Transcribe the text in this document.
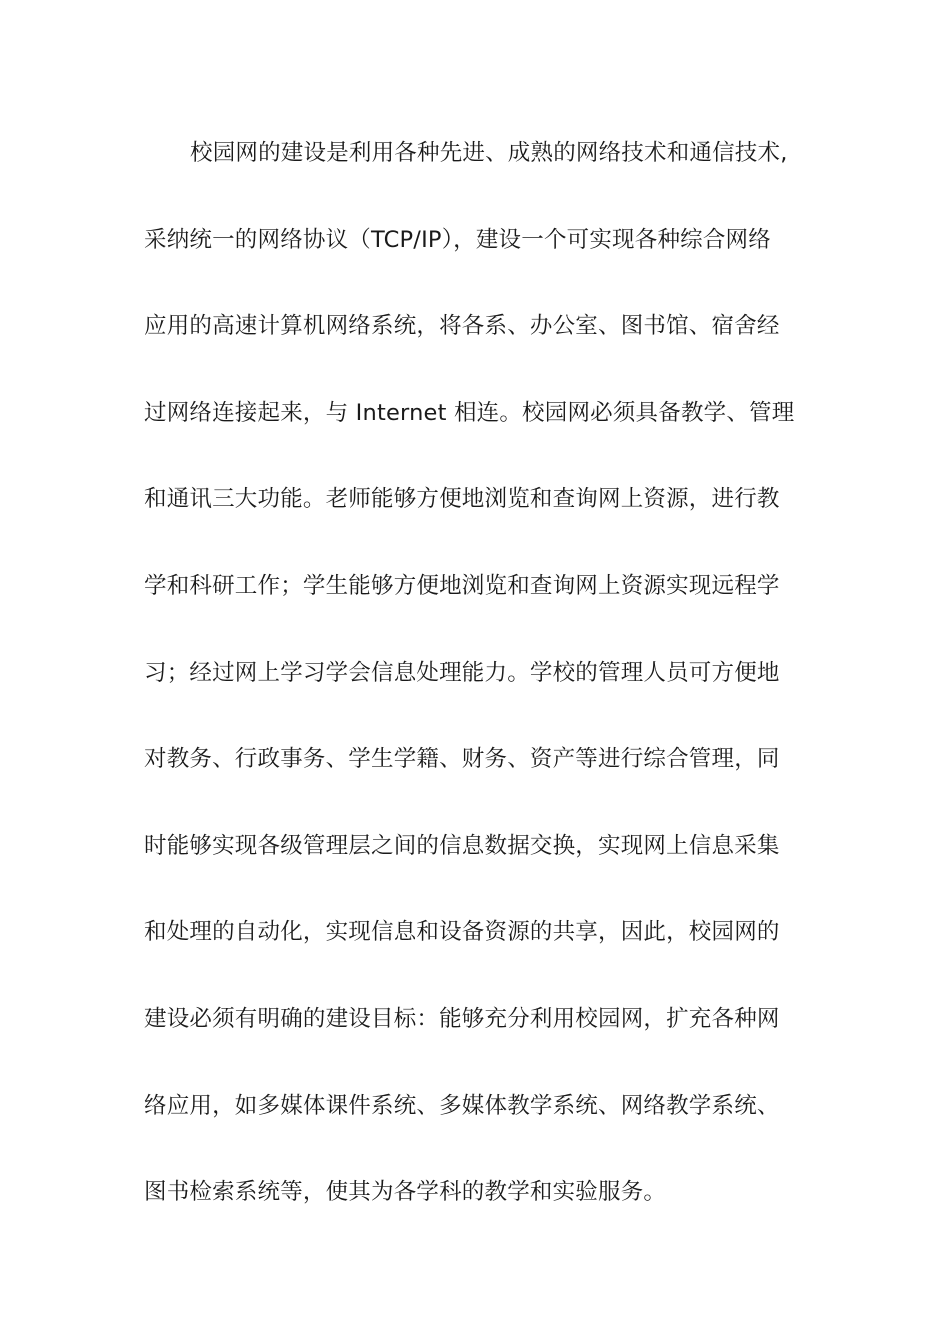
校园网的建设是利用各种先进、成熟的网络技术和通信技术,
采纳统一的网络协议（TCP/IP），建设一个可实现各种综合网络
应用的高速计算机网络系统，将各系、办公室、图书馆、宿舍经
过网络连接起来，与 Internet 相连。校园网必须具备教学、管理
和通讯三大功能。老师能够方便地浏览和查询网上资源，进行教
学和科研工作；学生能够方便地浏览和查询网上资源实现远程学
习；经过网上学习学会信息处理能力。学校的管理人员可方便地
对教务、行政事务、学生学籍、财务、资产等进行综合管理，同
时能够实现各级管理层之间的信息数据交换，实现网上信息采集
和处理的自动化，实现信息和设备资源的共享，因此，校园网的
建设必须有明确的建设目标：能够充分利用校园网，扩充各种网
络应用，如多媒体课件系统、多媒体教学系统、网络教学系统、
图书检索系统等，使其为各学科的教学和实验服务。
